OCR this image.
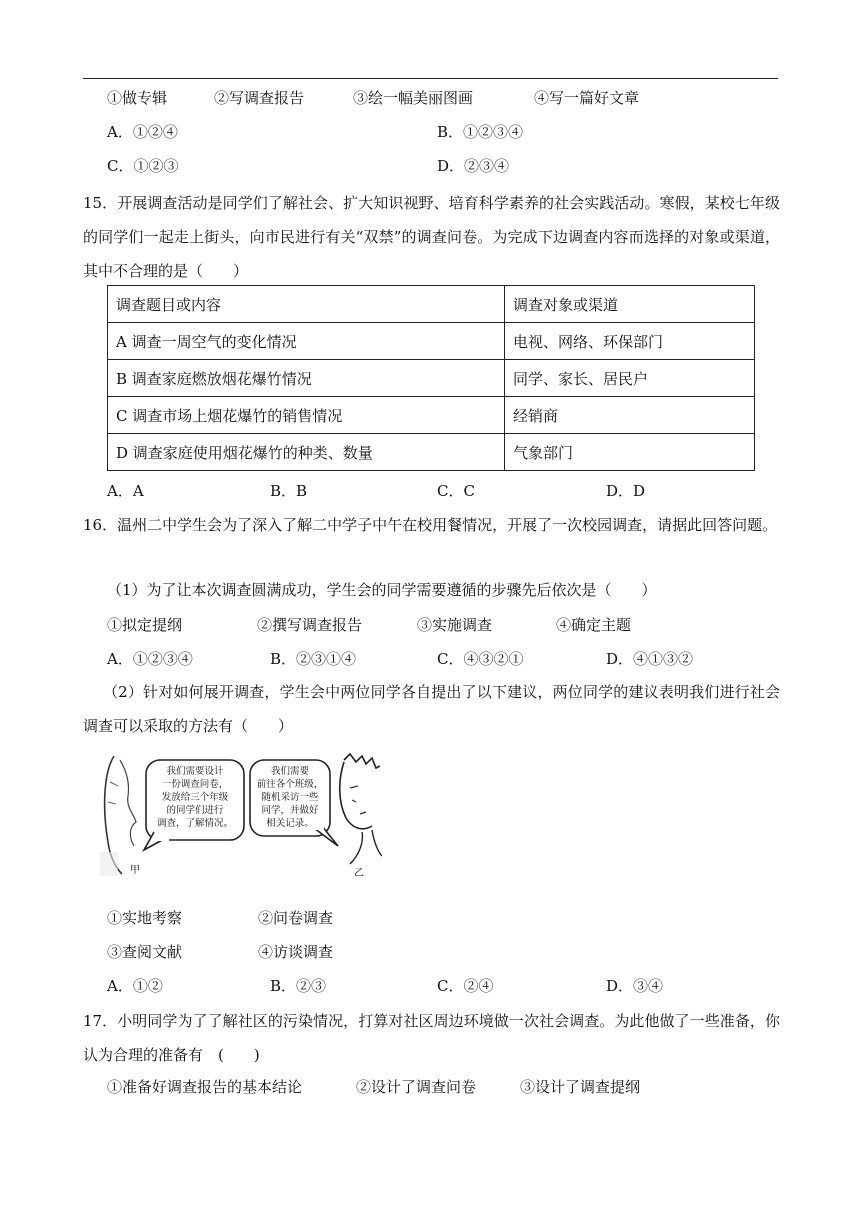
①做专辑	②写调查报告	③绘一幅美丽图画	④写一篇好文章
A．①②④	B．①②③④
C．①②③	D．②③④
15．开展调查活动是同学们了解社会、扩大知识视野、培育科学素养的社会实践活动。寒假，某校七年级的同学们一起走上街头，向市民进行有关“双禁”的调查问卷。为完成下边调查内容而选择的对象或渠道，其中不合理的是（　　）
调查题目或内容	调查对象或渠道
A 调查一周空气的变化情况	电视、网络、环保部门
B 调查家庭燃放烟花爆竹情况	同学、家长、居民户
C 调查市场上烟花爆竹的销售情况	经销商
D 调查家庭使用烟花爆竹的种类、数量	气象部门
A．A	B．B	C．C	D．D
16．温州二中学生会为了深入了解二中学子中午在校用餐情况，开展了一次校园调查，请据此回答问题。
（1）为了让本次调查圆满成功，学生会的同学需要遵循的步骤先后依次是（　　）
①拟定提纲	②撰写调查报告	③实施调查	④确定主题
A．①②③④	B．②③①④	C．④③②①	D．④①③②
（2）针对如何展开调查，学生会中两位同学各自提出了以下建议，两位同学的建议表明我们进行社会调查可以采取的方法有（　　）
我们需要设计
一份调查问卷，
发放给三个年级
的同学们进行
调查，了解情况。
我们需要
前往各个班级，
随机采访一些
同学，并做好
相关记录。
甲	乙
①实地考察	②问卷调查
③查阅文献	④访谈调查
A．①②	B．②③	C．②④	D．③④
17．小明同学为了了解社区的污染情况，打算对社区周边环境做一次社会调查。为此他做了一些准备，你认为合理的准备有　(　　)
①准备好调查报告的基本结论	②设计了调查问卷	③设计了调查提纲
